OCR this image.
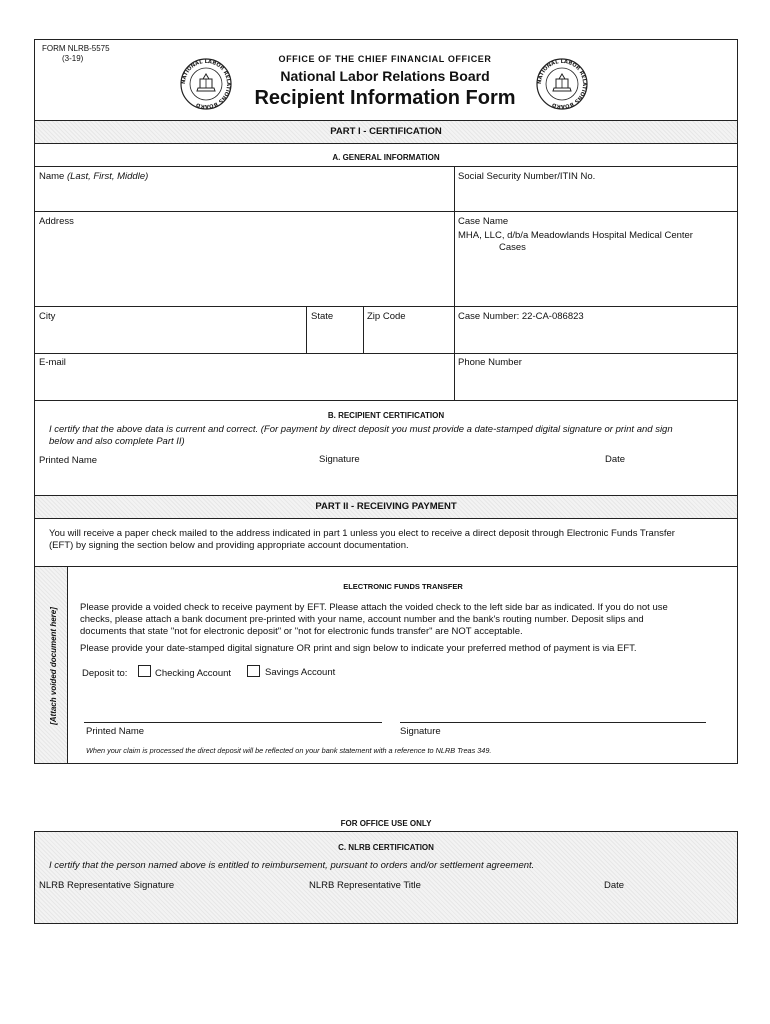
FORM NLRB-5575
(3-19)
NATIONAL LABOR RELATIONS BOARD
NATIONAL LABOR RELATIONS BOARD
OFFICE OF THE CHIEF FINANCIAL OFFICER
National Labor Relations Board
Recipient Information Form
PART I - CERTIFICATION
A. GENERAL INFORMATION
Name (Last, First, Middle)	Social Security Number/ITIN No.
Address	Case Name
MHA, LLC, d/b/a Meadowlands Hospital Medical Center
Cases
City	State	Zip Code	Case Number: 22-CA-086823
E-mail	Phone Number
B. RECIPIENT CERTIFICATION
I certify that the above data is current and correct. (For payment by direct deposit you must provide a date-stamped digital signature or print and sign
below and also complete Part II)
Printed Name	Signature	Date
PART II - RECEIVING PAYMENT
You will receive a paper check mailed to the address indicated in part 1 unless you elect to receive a direct deposit through Electronic Funds Transfer
(EFT) by signing the section below and providing appropriate account documentation.
[Attach voided document here]
ELECTRONIC FUNDS TRANSFER
Please provide a voided check to receive payment by EFT. Please attach the voided check to the left side bar as indicated. If you do not use
checks, please attach a bank document pre-printed with your name, account number and the bank's routing number. Deposit slips and
documents that state "not for electronic deposit" or "not for electronic funds transfer" are NOT acceptable.
Please provide your date-stamped digital signature OR print and sign below to indicate your preferred method of payment is via EFT.
Deposit to:	Checking Account	Savings Account
Printed Name	Signature
When your claim is processed the direct deposit will be reflected on your bank statement with a reference to NLRB Treas 349.
FOR OFFICE USE ONLY
C. NLRB CERTIFICATION
I certify that the person named above is entitled to reimbursement, pursuant to orders and/or settlement agreement.
NLRB Representative Signature	NLRB Representative Title	Date
